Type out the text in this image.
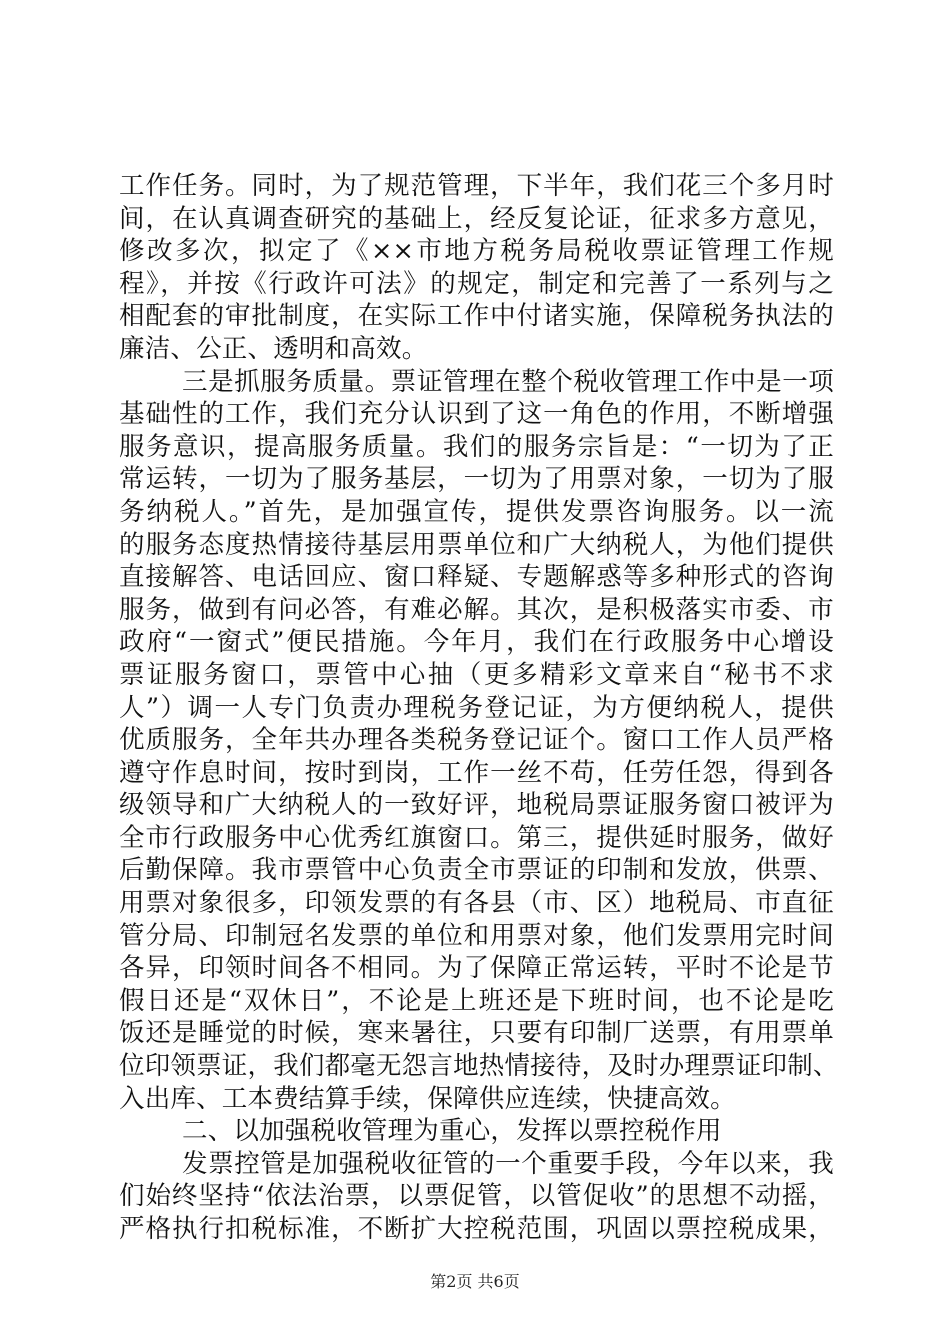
工作任务。同时，为了规范管理，下半年，我们花三个多月时
间，在认真调查研究的基础上，经反复论证，征求多方意见，
修改多次，拟定了《××市地方税务局税收票证管理工作规
程》，并按《行政许可法》的规定，制定和完善了一系列与之
相配套的审批制度，在实际工作中付诸实施，保障税务执法的
廉洁、公正、透明和高效。
三是抓服务质量。票证管理在整个税收管理工作中是一项
基础性的工作，我们充分认识到了这一角色的作用，不断增强
服务意识，提高服务质量。我们的服务宗旨是：“一切为了正
常运转，一切为了服务基层，一切为了用票对象，一切为了服
务纳税人。”首先，是加强宣传，提供发票咨询服务。以一流
的服务态度热情接待基层用票单位和广大纳税人，为他们提供
直接解答、电话回应、窗口释疑、专题解惑等多种形式的咨询
服务，做到有问必答，有难必解。其次，是积极落实市委、市
政府“一窗式”便民措施。今年月，我们在行政服务中心增设
票证服务窗口，票管中心抽（更多精彩文章来自“秘书不求
人”）调一人专门负责办理税务登记证，为方便纳税人，提供
优质服务，全年共办理各类税务登记证个。窗口工作人员严格
遵守作息时间，按时到岗，工作一丝不苟，任劳任怨，得到各
级领导和广大纳税人的一致好评，地税局票证服务窗口被评为
全市行政服务中心优秀红旗窗口。第三，提供延时服务，做好
后勤保障。我市票管中心负责全市票证的印制和发放，供票、
用票对象很多，印领发票的有各县（市、区）地税局、市直征
管分局、印制冠名发票的单位和用票对象，他们发票用完时间
各异，印领时间各不相同。为了保障正常运转，平时不论是节
假日还是“双休日”，不论是上班还是下班时间，也不论是吃
饭还是睡觉的时候，寒来暑往，只要有印制厂送票，有用票单
位印领票证，我们都毫无怨言地热情接待，及时办理票证印制、
入出库、工本费结算手续，保障供应连续，快捷高效。
二、以加强税收管理为重心，发挥以票控税作用
发票控管是加强税收征管的一个重要手段，今年以来，我
们始终坚持“依法治票，以票促管，以管促收”的思想不动摇，
严格执行扣税标准，不断扩大控税范围，巩固以票控税成果，
第2页 共6页
